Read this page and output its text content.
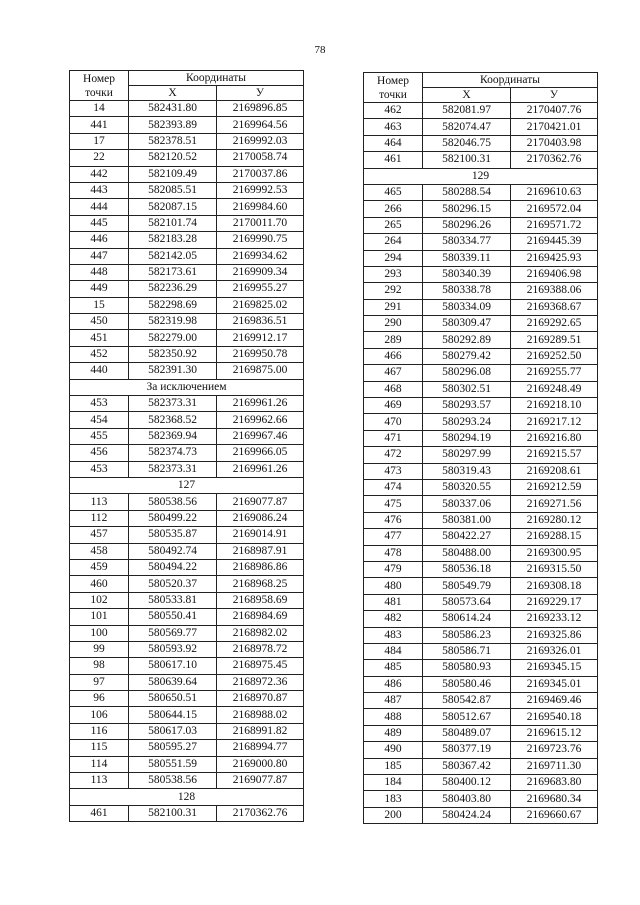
78
Номер
точки	Координаты	
	X	У
14	582431.80	2169896.85
441	582393.89	2169964.56
17	582378.51	2169992.03
22	582120.52	2170058.74
442	582109.49	2170037.86
443	582085.51	2169992.53
444	582087.15	2169984.60
445	582101.74	2170011.70
446	582183.28	2169990.75
447	582142.05	2169934.62
448	582173.61	2169909.34
449	582236.29	2169955.27
15	582298.69	2169825.02
450	582319.98	2169836.51
451	582279.00	2169912.17
452	582350.92	2169950.78
440	582391.30	2169875.00
За исключением		
453	582373.31	2169961.26
454	582368.52	2169962.66
455	582369.94	2169967.46
456	582374.73	2169966.05
453	582373.31	2169961.26
127		
113	580538.56	2169077.87
112	580499.22	2169086.24
457	580535.87	2169014.91
458	580492.74	2168987.91
459	580494.22	2168986.86
460	580520.37	2168968.25
102	580533.81	2168958.69
101	580550.41	2168984.69
100	580569.77	2168982.02
99	580593.92	2168978.72
98	580617.10	2168975.45
97	580639.64	2168972.36
96	580650.51	2168970.87
106	580644.15	2168988.02
116	580617.03	2168991.82
115	580595.27	2168994.77
114	580551.59	2169000.80
113	580538.56	2169077.87
128		
461	582100.31	2170362.76
Номер
точки	Координаты	
	X	У
462	582081.97	2170407.76
463	582074.47	2170421.01
464	582046.75	2170403.98
461	582100.31	2170362.76
129		
465	580288.54	2169610.63
266	580296.15	2169572.04
265	580296.26	2169571.72
264	580334.77	2169445.39
294	580339.11	2169425.93
293	580340.39	2169406.98
292	580338.78	2169388.06
291	580334.09	2169368.67
290	580309.47	2169292.65
289	580292.89	2169289.51
466	580279.42	2169252.50
467	580296.08	2169255.77
468	580302.51	2169248.49
469	580293.57	2169218.10
470	580293.24	2169217.12
471	580294.19	2169216.80
472	580297.99	2169215.57
473	580319.43	2169208.61
474	580320.55	2169212.59
475	580337.06	2169271.56
476	580381.00	2169280.12
477	580422.27	2169288.15
478	580488.00	2169300.95
479	580536.18	2169315.50
480	580549.79	2169308.18
481	580573.64	2169229.17
482	580614.24	2169233.12
483	580586.23	2169325.86
484	580586.71	2169326.01
485	580580.93	2169345.15
486	580580.46	2169345.01
487	580542.87	2169469.46
488	580512.67	2169540.18
489	580489.07	2169615.12
490	580377.19	2169723.76
185	580367.42	2169711.30
184	580400.12	2169683.80
183	580403.80	2169680.34
200	580424.24	2169660.67
